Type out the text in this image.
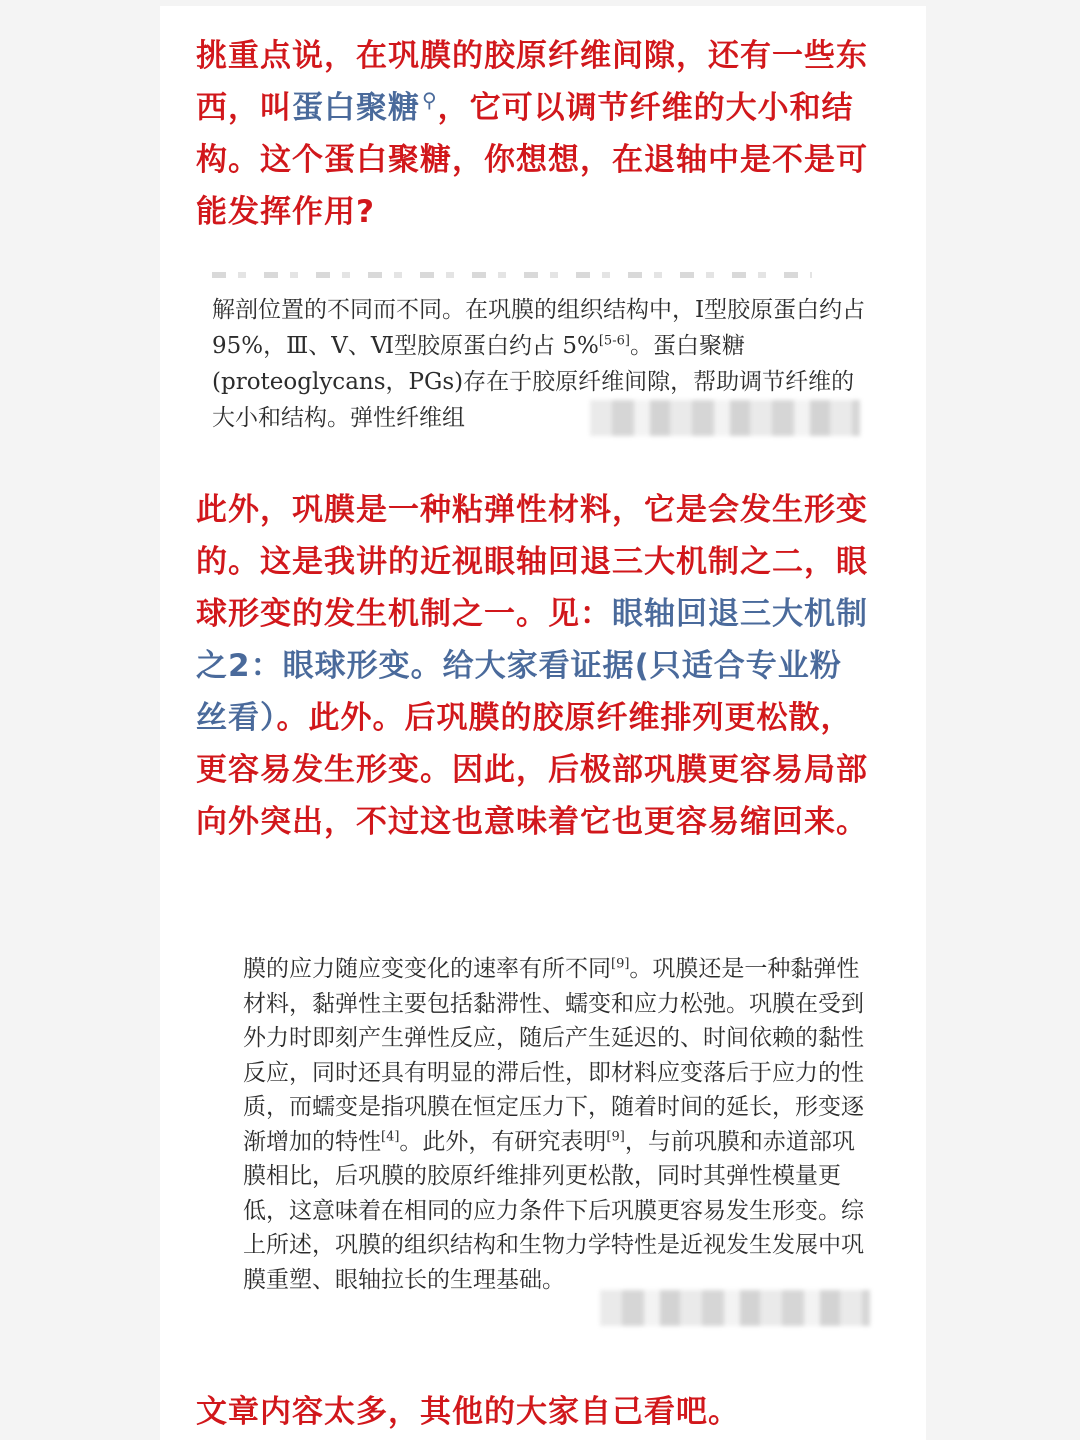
挑重点说，在巩膜的胶原纤维间隙，还有一些东西，叫蛋白聚糖 ⚲，它可以调节纤维的大小和结构。这个蛋白聚糖，你想想，在退轴中是不是可能发挥作用?

解剖位置的不同而不同。在巩膜的组织结构中，Ⅰ型胶原蛋白约占 95%，Ⅲ、Ⅴ、Ⅵ型胶原蛋白约占 5%[5-6]。蛋白聚糖(proteoglycans，PGs)存在于胶原纤维间隙，帮助调节纤维的大小和结构。弹性纤维组

此外，巩膜是一种粘弹性材料，它是会发生形变的。这是我讲的近视眼轴回退三大机制之二，眼球形变的发生机制之一。见：眼轴回退三大机制之2：眼球形变。给大家看证据(只适合专业粉丝看）。此外。后巩膜的胶原纤维排列更松散，更容易发生形变。因此，后极部巩膜更容易局部向外突出，不过这也意味着它也更容易缩回来。

膜的应力随应变变化的速率有所不同[9]。巩膜还是一种黏弹性材料，黏弹性主要包括黏滞性、蠕变和应力松弛。巩膜在受到外力时即刻产生弹性反应，随后产生延迟的、时间依赖的黏性反应，同时还具有明显的滞后性，即材料应变落后于应力的性质，而蠕变是指巩膜在恒定压力下，随着时间的延长，形变逐渐增加的特性[4]。此外，有研究表明[9]，与前巩膜和赤道部巩膜相比，后巩膜的胶原纤维排列更松散，同时其弹性模量更低，这意味着在相同的应力条件下后巩膜更容易发生形变。综上所述，巩膜的组织结构和生物力学特性是近视发生发展中巩膜重塑、眼轴拉长的生理基础。

文章内容太多，其他的大家自己看吧。
